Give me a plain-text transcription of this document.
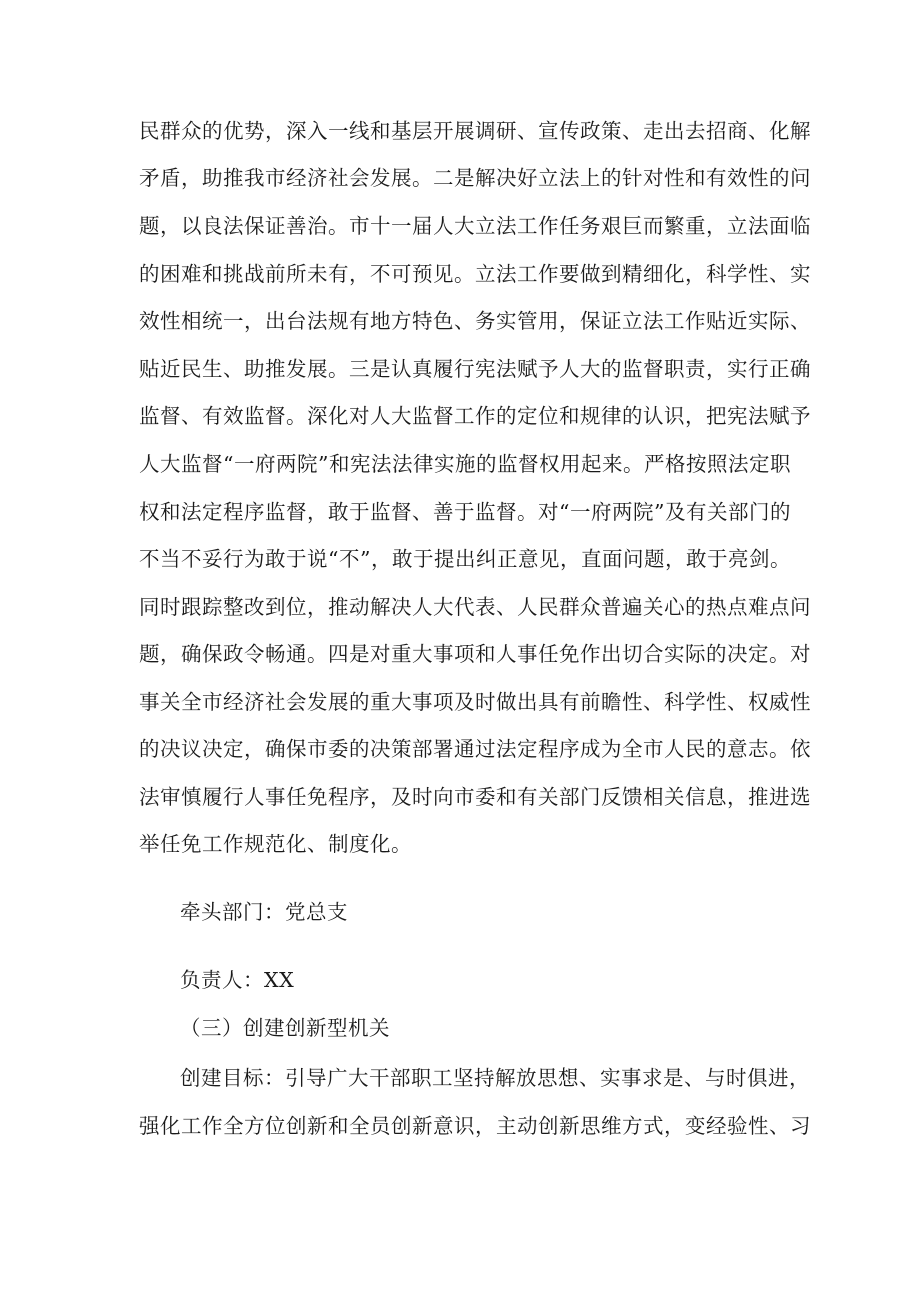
民群众的优势，深入一线和基层开展调研、宣传政策、走出去招商、化解
矛盾，助推我市经济社会发展。二是解决好立法上的针对性和有效性的问
题，以良法保证善治。市十一届人大立法工作任务艰巨而繁重，立法面临
的困难和挑战前所未有，不可预见。立法工作要做到精细化，科学性、实
效性相统一，出台法规有地方特色、务实管用，保证立法工作贴近实际、
贴近民生、助推发展。三是认真履行宪法赋予人大的监督职责，实行正确
监督、有效监督。深化对人大监督工作的定位和规律的认识，把宪法赋予
人大监督“一府两院”和宪法法律实施的监督权用起来。严格按照法定职
权和法定程序监督，敢于监督、善于监督。对“一府两院”及有关部门的
不当不妥行为敢于说“不”，敢于提出纠正意见，直面问题，敢于亮剑。
同时跟踪整改到位，推动解决人大代表、人民群众普遍关心的热点难点问
题，确保政令畅通。四是对重大事项和人事任免作出切合实际的决定。对
事关全市经济社会发展的重大事项及时做出具有前瞻性、科学性、权威性
的决议决定，确保市委的决策部署通过法定程序成为全市人民的意志。依
法审慎履行人事任免程序，及时向市委和有关部门反馈相关信息，推进选
举任免工作规范化、制度化。
牵头部门：党总支
负责人：XX
（三）创建创新型机关
创建目标：引导广大干部职工坚持解放思想、实事求是、与时俱进，
强化工作全方位创新和全员创新意识，主动创新思维方式，变经验性、习
